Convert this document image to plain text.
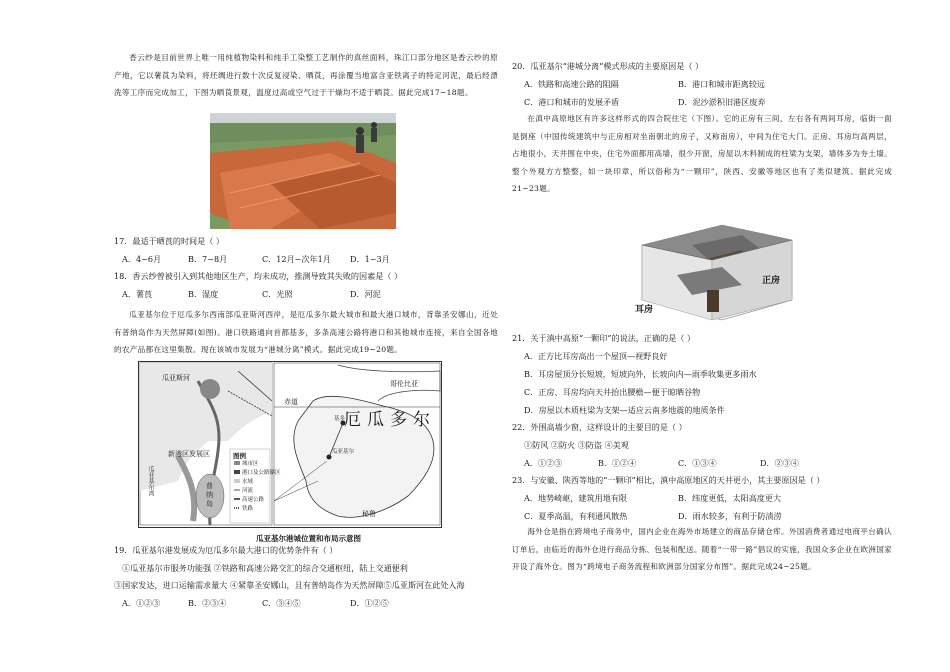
香云纱是目前世界上唯一用纯植物染料和纯手工染整工艺制作的真丝面料，珠江口部分地区是香云纱的原产地，它以薯莨为染料，将坯绸进行数十次反复浸染、晒莨，再涂覆当地富含亚铁离子的特定河泥，最后经漂洗等工序而完成加工，下图为晒莨景观，温度过高或空气过于干燥均不适于晒莨。据此完成17~18题。
17．最适于晒莨的时间是（ ）
A．4~6月	B．7~8月	C．12月~次年1月 D．1~3月
18．香云纱曾被引入到其他地区生产，均未成功，推测导致其失败的因素是（ ）
A．薯莨	B．湿度	C．光照	D．河泥
瓜亚基尔位于厄瓜多尔西南部瓜亚斯河西岸，是厄瓜多尔最大城市和最大港口城市，背靠圣安娜山，近处有普纳岛作为天然屏障(如图)。港口铁路通向首都基多，多条高速公路将港口和其他城市连接，来自全国各地的农产品都在这里集散。现在该城市发展为“港城分离”模式。据此完成19~20题。
瓜亚斯河
新港区发展区
普
纳
岛
瓜亚基尔湾
图例
城市区
港口及公路储区
水域
河流
高速公路
铁路
哥伦比亚
赤道
基多
厄瓜多尔
瓜亚基尔
秘鲁
瓜亚基尔港城位置和布局示意图
19．瓜亚基尔港发展成为厄瓜多尔最大港口的优势条件有（ ）
①瓜亚基尔市服务功能强 ②铁路和高速公路交汇的综合交通枢纽，陆上交通便利
③国家发达，进口运输需求量大 ④紧靠圣安娜山，且有普纳岛作为天然屏障⑤瓜亚斯河在此处入海
A．①②③	B．②③④	C．③④⑤	D．①②⑤
20．瓜亚基尔“港城分离”模式形成的主要原因是（ ）
A．铁路和高速公路的阻隔	B．港口和城市距离较远
C．港口和城市的发展矛盾	D．泥沙淤积旧港区废弃
在滇中高原地区有许多这样形式的四合院住宅（下图）。它的正房有三间，左右各有两间耳房，临街一面是倒座（中国传统建筑中与正房相对坐南朝北的房子，又称南房），中间为住宅大门。正房、耳房均高两层，占地很小，天井围在中央，住宅外面都用高墙，很少开窗，房屋以木料制成的柱梁为支架，墙体多为夯土墙。整个外观方方整整，如一块印章，所以俗称为“一颗印”，陕西、安徽等地区也有了类似建筑。据此完成21~23题。
正房
耳房
21．关于滇中高原“一颗印”的说法，正确的是（ ）
A．正方比耳房高出一个屋顶—视野良好
B．耳房屋顶分长短坡，短坡向外，长坡向内—雨季收集更多雨水
C．正房、耳房均向天井抬出腰檐—便于晾晒谷物
D．房屋以木质柱梁为支架—适应云南多地震的地质条件
22．外围高墙少窗，这样设计的主要目的是（ ）
①防风 ②防火 ③防盗 ④美观
A．①②③	B．①②④	C．①③④	D．②③④
23．与安徽、陕西等地的“一颗印”相比，滇中高原地区的天井更小，其主要原因是（ ）
A．地势崎岖，建筑用地有限	B．纬度更低，太阳高度更大
C．夏季高温，有利通风散热	D．雨水较多，有利于防渍涝
海外仓是指在跨境电子商务中，国内企业在海外市场建立的商品存储仓库。外国消费者通过电商平台确认订单后，由临近的海外仓进行商品分拣、包装和配送。随着“一带一路”倡议的实施，我国众多企业在欧洲国家开设了海外仓。图为“跨境电子商务流程和欧洲部分国家分布图”。据此完成24~25题。
